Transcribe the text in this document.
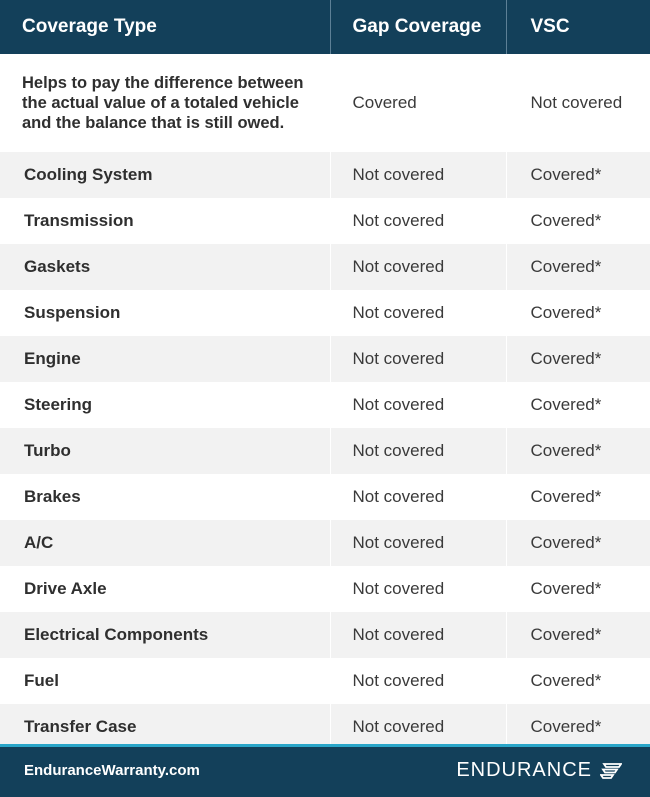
Coverage Type	Gap Coverage	VSC
Helps to pay the difference between the actual value of a totaled vehicle and the balance that is still owed.	Covered	Not covered
Cooling System	Not covered	Covered*
Transmission	Not covered	Covered*
Gaskets	Not covered	Covered*
Suspension	Not covered	Covered*
Engine	Not covered	Covered*
Steering	Not covered	Covered*
Turbo	Not covered	Covered*
Brakes	Not covered	Covered*
A/C	Not covered	Covered*
Drive Axle	Not covered	Covered*
Electrical Components	Not covered	Covered*
Fuel	Not covered	Covered*
Transfer Case	Not covered	Covered*
EnduranceWarranty.com	ENDURANCE
